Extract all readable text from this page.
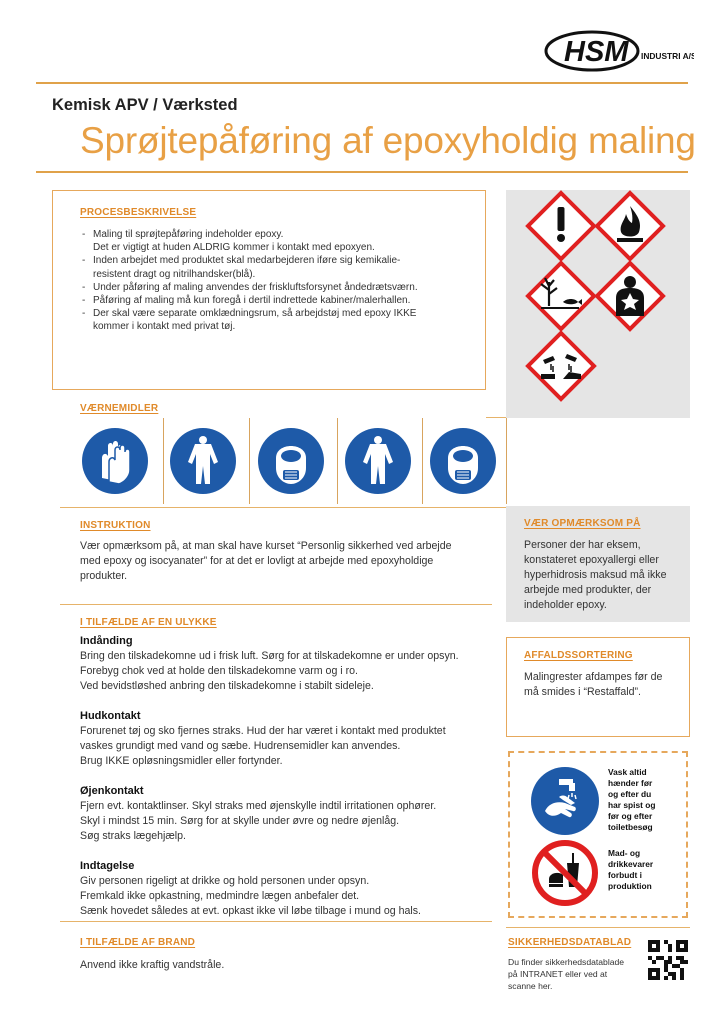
HSM INDUSTRI A/S
Kemisk APV / Værksted
Sprøjtepåføring af epoxyholdig maling
PROCESBESKRIVELSE
- Maling til sprøjtepåføring indeholder epoxy.
Det er vigtigt at huden ALDRIG kommer i kontakt med epoxyen.
- Inden arbejdet med produktet skal medarbejderen iføre sig kemikalie-
resistent dragt og nitrilhandsker(blå).
- Under påføring af maling anvendes der friskluftsforsynet åndedrætsværn.
- Påføring af maling må kun foregå i dertil indrettede kabiner/malerhallen.
- Der skal være separate omklædningsrum, så arbejdstøj med epoxy IKKE
kommer i kontakt med privat tøj.
VÆRNEMIDLER
INSTRUKTION
Vær opmærksom på, at man skal have kurset “Personlig sikkerhed ved arbejde
med epoxy og isocyanater” for at det er lovligt at arbejde med epoxyholdige
produkter.
VÆR OPMÆRKSOM PÅ
Personer der har eksem,
konstateret epoxyallergi eller
hyperhidrosis maksud må ikke
arbejde med produkter, der
indeholder epoxy.
I TILFÆLDE AF EN ULYKKE
Indånding
Bring den tilskadekomne ud i frisk luft. Sørg for at tilskadekomne er under opsyn.
Forebyg chok ved at holde den tilskadekomne varm og i ro.
Ved bevidstløshed anbring den tilskadekomne i stabilt sideleje.
Hudkontakt
Forurenet tøj og sko fjernes straks. Hud der har været i kontakt med produktet
vaskes grundigt med vand og sæbe. Hudrensemidler kan anvendes.
Brug IKKE opløsningsmidler eller fortynder.
Øjenkontakt
Fjern evt. kontaktlinser. Skyl straks med øjenskylle indtil irritationen ophører.
Skyl i mindst 15 min. Sørg for at skylle under øvre og nedre øjenlåg.
Søg straks lægehjælp.
Indtagelse
Giv personen rigeligt at drikke og hold personen under opsyn.
Fremkald ikke opkastning, medmindre lægen anbefaler det.
Sænk hovedet således at evt. opkast ikke vil løbe tilbage i mund og hals.
AFFALDSSORTERING
Malingrester afdampes før de
må smides i “Restaffald”.
Vask altid
hænder før
og efter du
har spist og
før og efter
toiletbesøg
Mad- og
drikkevarer
forbudt i
produktion
I TILFÆLDE AF BRAND
Anvend ikke kraftig vandstråle.
SIKKERHEDSDATABLAD
Du finder sikkerhedsdatablade
på INTRANET eller ved at
scanne her.
